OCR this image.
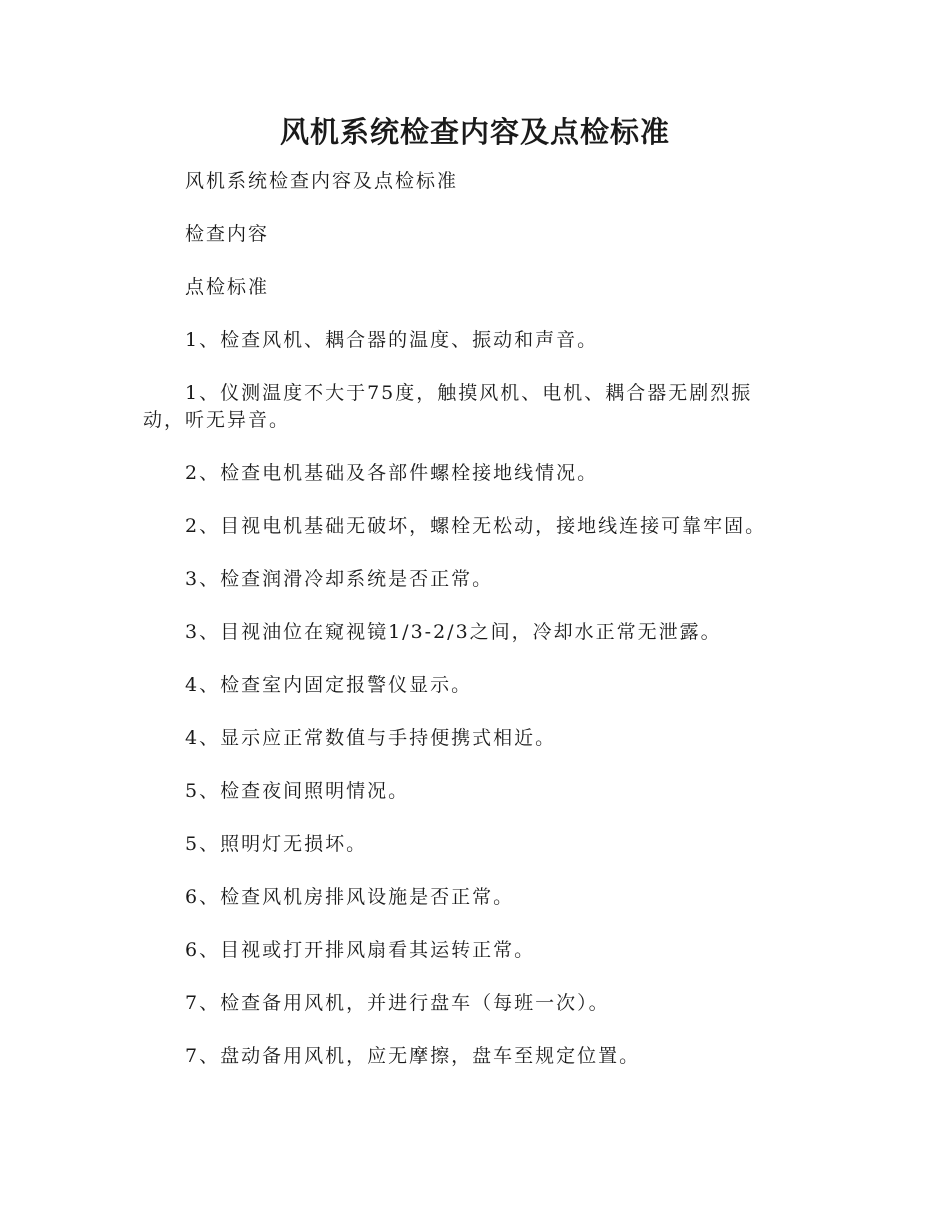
风机系统检查内容及点检标准

风机系统检查内容及点检标准

检查内容

点检标准

1、检查风机、耦合器的温度、振动和声音。

1、仪测温度不大于75度，触摸风机、电机、耦合器无剧烈振动，听无异音。

2、检查电机基础及各部件螺栓接地线情况。

2、目视电机基础无破坏，螺栓无松动，接地线连接可靠牢固。

3、检查润滑冷却系统是否正常。

3、目视油位在窥视镜1/3-2/3之间，冷却水正常无泄露。

4、检查室内固定报警仪显示。

4、显示应正常数值与手持便携式相近。

5、检查夜间照明情况。

5、照明灯无损坏。

6、检查风机房排风设施是否正常。

6、目视或打开排风扇看其运转正常。

7、检查备用风机，并进行盘车（每班一次）。

7、盘动备用风机，应无摩擦，盘车至规定位置。
